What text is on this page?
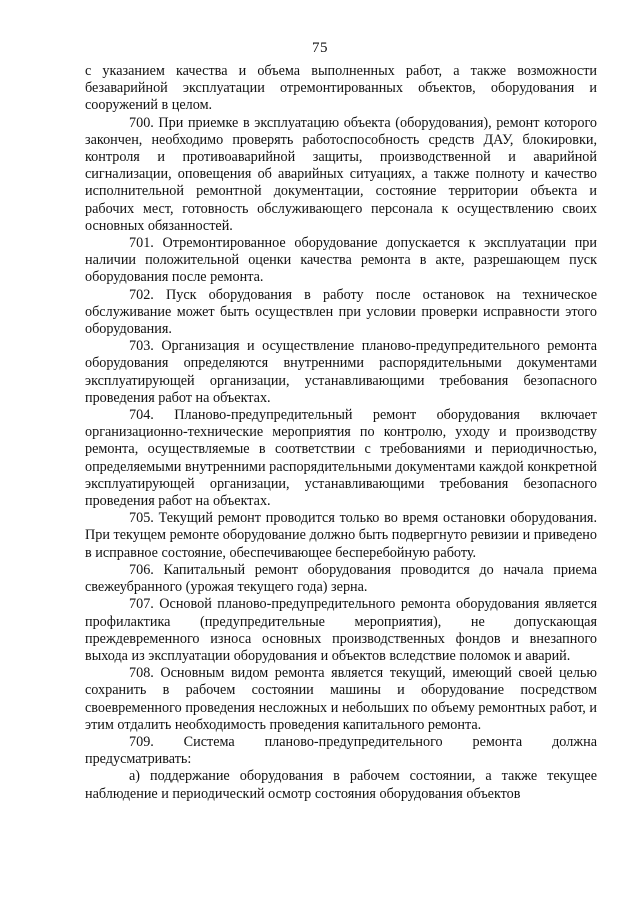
75

с указанием качества и объема выполненных работ, а также возможности безаварийной эксплуатации отремонтированных объектов, оборудования и сооружений в целом.

700. При приемке в эксплуатацию объекта (оборудования), ремонт которого закончен, необходимо проверять работоспособность средств ДАУ, блокировки, контроля и противоаварийной защиты, производственной и аварийной сигнализации, оповещения об аварийных ситуациях, а также полноту и качество исполнительной ремонтной документации, состояние территории объекта и рабочих мест, готовность обслуживающего персонала к осуществлению своих основных обязанностей.

701. Отремонтированное оборудование допускается к эксплуатации при наличии положительной оценки качества ремонта в акте, разрешающем пуск оборудования после ремонта.

702. Пуск оборудования в работу после остановок на техническое обслуживание может быть осуществлен при условии проверки исправности этого оборудования.

703. Организация и осуществление планово-предупредительного ремонта оборудования определяются внутренними распорядительными документами эксплуатирующей организации, устанавливающими требования безопасного проведения работ на объектах.

704. Планово-предупредительный ремонт оборудования включает организационно-технические мероприятия по контролю, уходу и производству ремонта, осуществляемые в соответствии с требованиями и периодичностью, определяемыми внутренними распорядительными документами каждой конкретной эксплуатирующей организации, устанавливающими требования безопасного проведения работ на объектах.

705. Текущий ремонт проводится только во время остановки оборудования. При текущем ремонте оборудование должно быть подвергнуто ревизии и приведено в исправное состояние, обеспечивающее бесперебойную работу.

706. Капитальный ремонт оборудования проводится до начала приема свежеубранного (урожая текущего года) зерна.

707. Основой планово-предупредительного ремонта оборудования является профилактика (предупредительные мероприятия), не допускающая преждевременного износа основных производственных фондов и внезапного выхода из эксплуатации оборудования и объектов вследствие поломок и аварий.

708. Основным видом ремонта является текущий, имеющий своей целью сохранить в рабочем состоянии машины и оборудование посредством своевременного проведения несложных и небольших по объему ремонтных работ, и этим отдалить необходимость проведения капитального ремонта.

709. Система планово-предупредительного ремонта должна предусматривать:

а) поддержание оборудования в рабочем состоянии, а также текущее наблюдение и периодический осмотр состояния оборудования объектов
